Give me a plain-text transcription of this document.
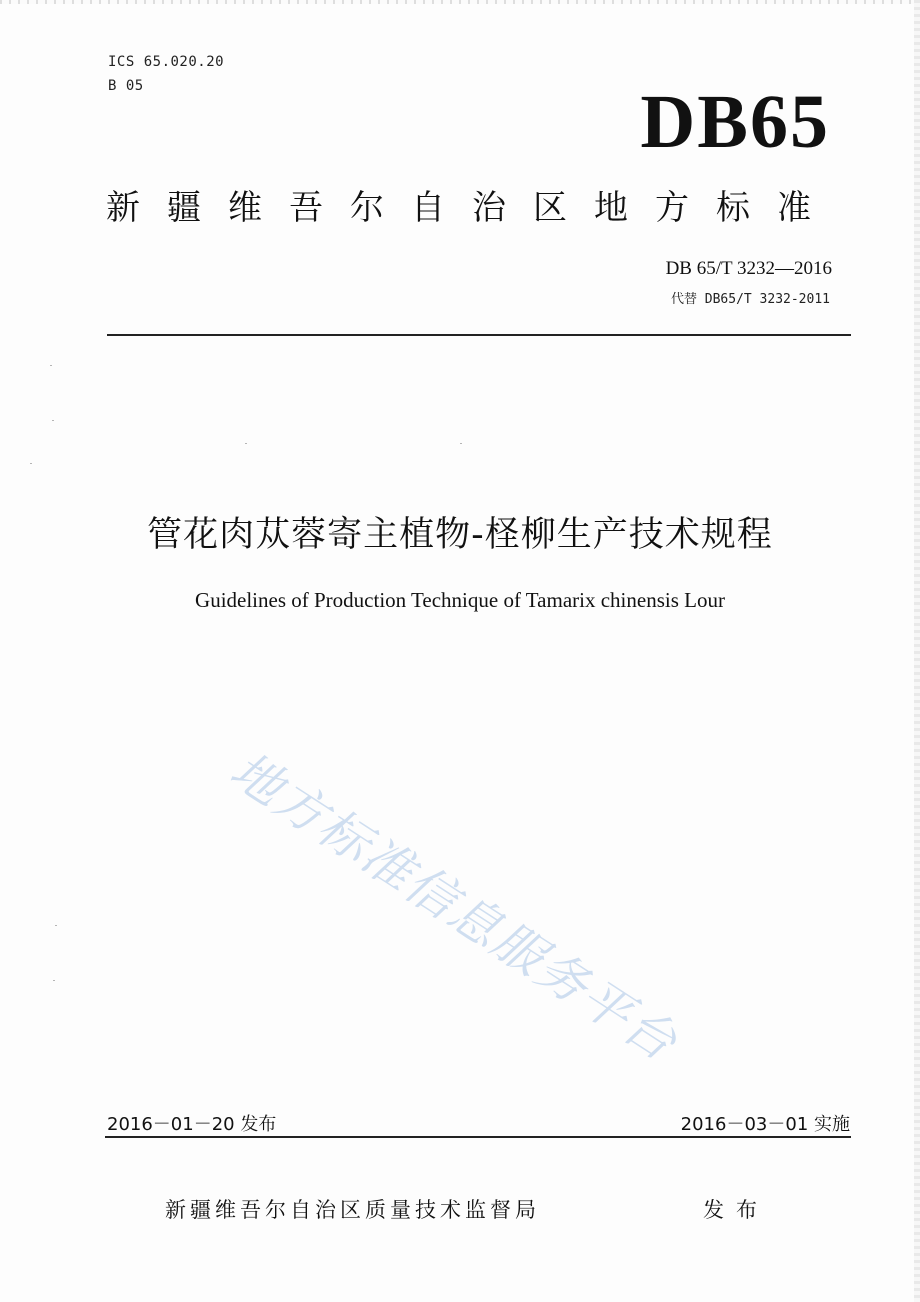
ICS 65.020.20
B 05	DB65
新疆维吾尔自治区地方标准
DB 65/T 3232—2016
代替 DB65/T 3232-2011
管花肉苁蓉寄主植物-柽柳生产技术规程
Guidelines of Production Technique of Tamarix chinensis Lour
地方标准信息服务平台
2016－01－20 发布	2016－03－01 实施
新疆维吾尔自治区质量技术监督局	发布
